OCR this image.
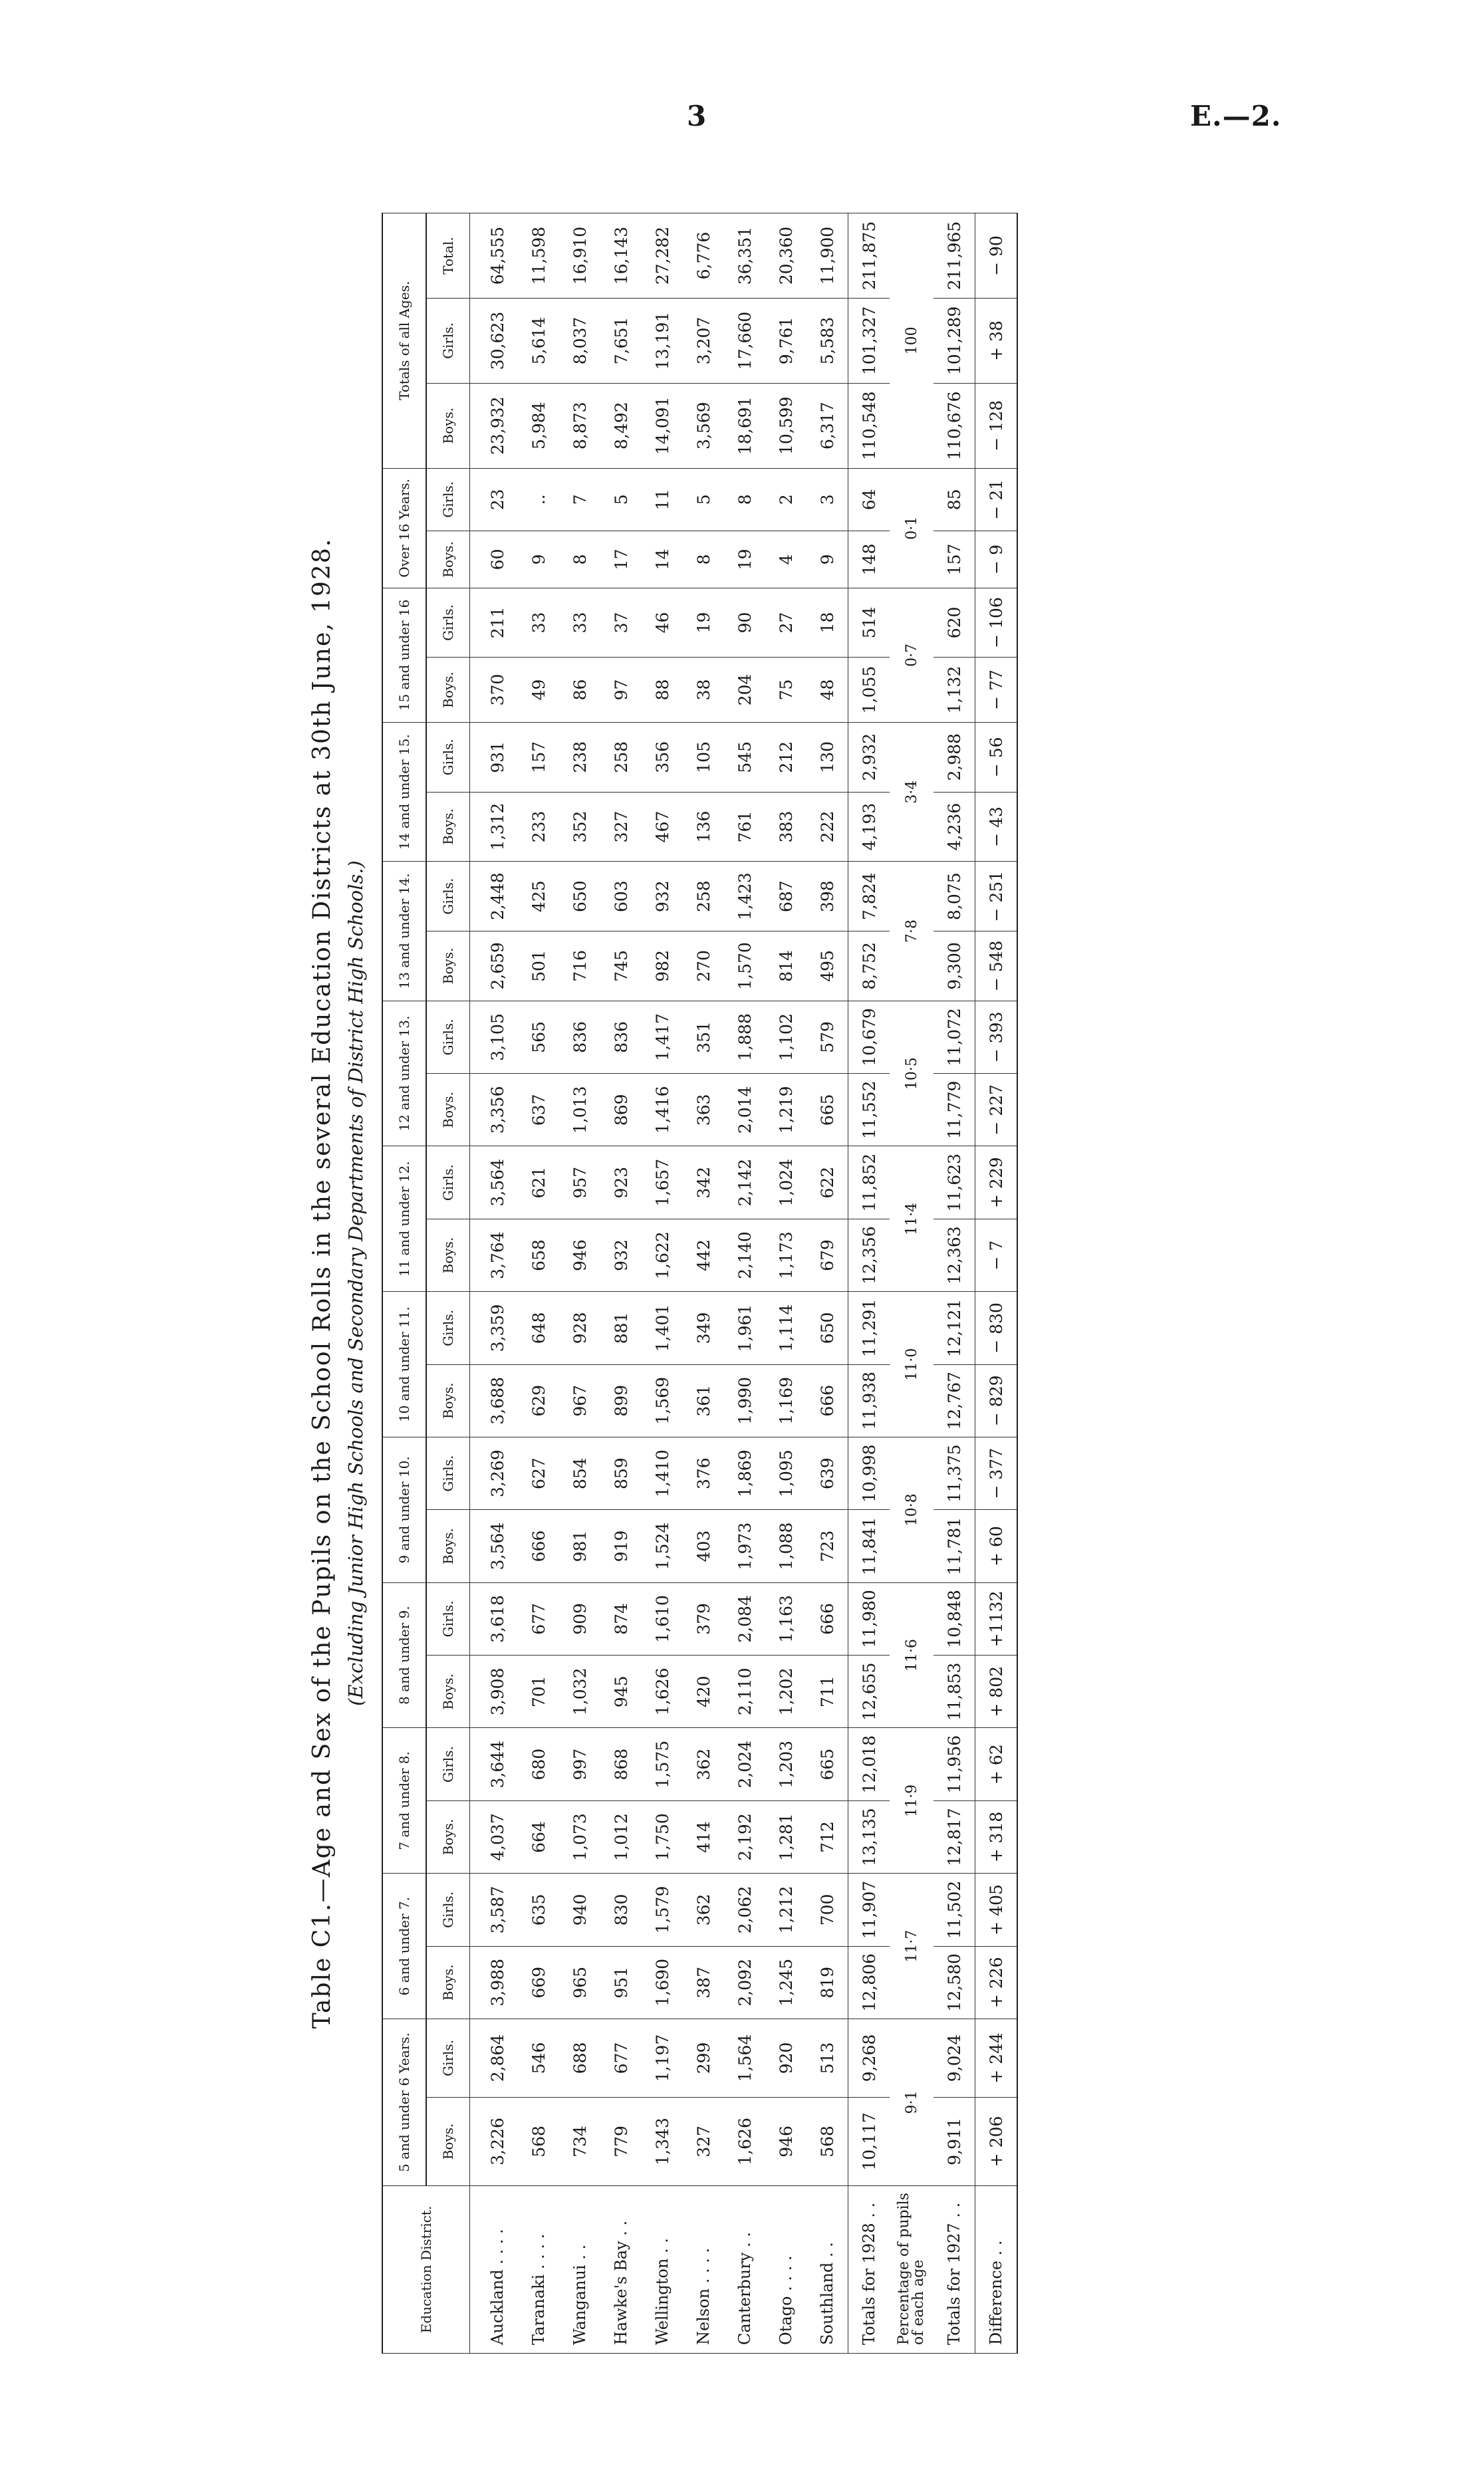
3	E.—2.
Table C1.—Age and Sex of the Pupils on the School Rolls in the several Education Districts at 30th June, 1928. (Excluding Junior High Schools and Secondary Departments of District High Schools.)
Education District.	5 and under 6 Years.		6 and under 7.		7 and under 8.		8 and under 9.		9 and under 10.		10 and under 11.		11 and under 12.		12 and under 13.		13 and under 14.		14 and under 15.		15 and under 16		Over 16 Years.		Totals of all Ages.		
	Boys.	Girls.	Boys.	Girls.	Boys.	Girls.	Boys.	Girls.	Boys.	Girls.	Boys.	Girls.	Boys.	Girls.	Boys.	Girls.	Boys.	Girls.	Boys.	Girls.	Boys.	Girls.	Boys.	Girls.	Boys.	Girls.	Total.
Auckland . . . .	3,226	2,864	3,988	3,587	4,037	3,644	3,908	3,618	3,564	3,269	3,688	3,359	3,764	3,564	3,356	3,105	2,659	2,448	1,312	931	370	211	60	23	23,932	30,623	64,555
Taranaki . . . .	568	546	669	635	664	680	701	677	666	627	629	648	658	621	637	565	501	425	233	157	49	33	9	..	5,984	5,614	11,598
Wanganui . .	734	688	965	940	1,073	997	1,032	909	981	854	967	928	946	957	1,013	836	716	650	352	238	86	33	8	7	8,873	8,037	16,910
Hawke's Bay . .	779	677	951	830	1,012	868	945	874	919	859	899	881	932	923	869	836	745	603	327	258	97	37	17	5	8,492	7,651	16,143
Wellington . .	1,343	1,197	1,690	1,579	1,750	1,575	1,626	1,610	1,524	1,410	1,569	1,401	1,622	1,657	1,416	1,417	982	932	467	356	88	46	14	11	14,091	13,191	27,282
Nelson . . . .	327	299	387	362	414	362	420	379	403	376	361	349	442	342	363	351	270	258	136	105	38	19	8	5	3,569	3,207	6,776
Canterbury . .	1,626	1,564	2,092	2,062	2,192	2,024	2,110	2,084	1,973	1,869	1,990	1,961	2,140	2,142	2,014	1,888	1,570	1,423	761	545	204	90	19	8	18,691	17,660	36,351
Otago . . . .	946	920	1,245	1,212	1,281	1,203	1,202	1,163	1,088	1,095	1,169	1,114	1,173	1,024	1,219	1,102	814	687	383	212	75	27	4	2	10,599	9,761	20,360
Southland . .	568	513	819	700	712	665	711	666	723	639	666	650	679	622	665	579	495	398	222	130	48	18	9	3	6,317	5,583	11,900
Totals for 1928 . .	10,117	9,268	12,806	11,907	13,135	12,018	12,655	11,980	11,841	10,998	11,938	11,291	12,356	11,852	11,552	10,679	8,752	7,824	4,193	2,932	1,055	514	148	64	110,548	101,327	211,875
Percentage of pupils of each age	9·1		11·7		11·9		11·6		10·8		11·0		11·4		10·5		7·8		3·4		0·7		0·1		100		
Totals for 1927 . .	9,911	9,024	12,580	11,502	12,817	11,956	11,853	10,848	11,781	11,375	12,767	12,121	12,363	11,623	11,779	11,072	9,300	8,075	4,236	2,988	1,132	620	157	85	110,676	101,289	211,965
Difference . .	+ 206	+ 244	+ 226	+ 405	+ 318	+ 62	+ 802	+1132	+ 60	− 377	− 829	− 830	− 7	+ 229	− 227	− 393	− 548	− 251	− 43	− 56	− 77	− 106	− 9	− 21	− 128	+ 38	− 90
